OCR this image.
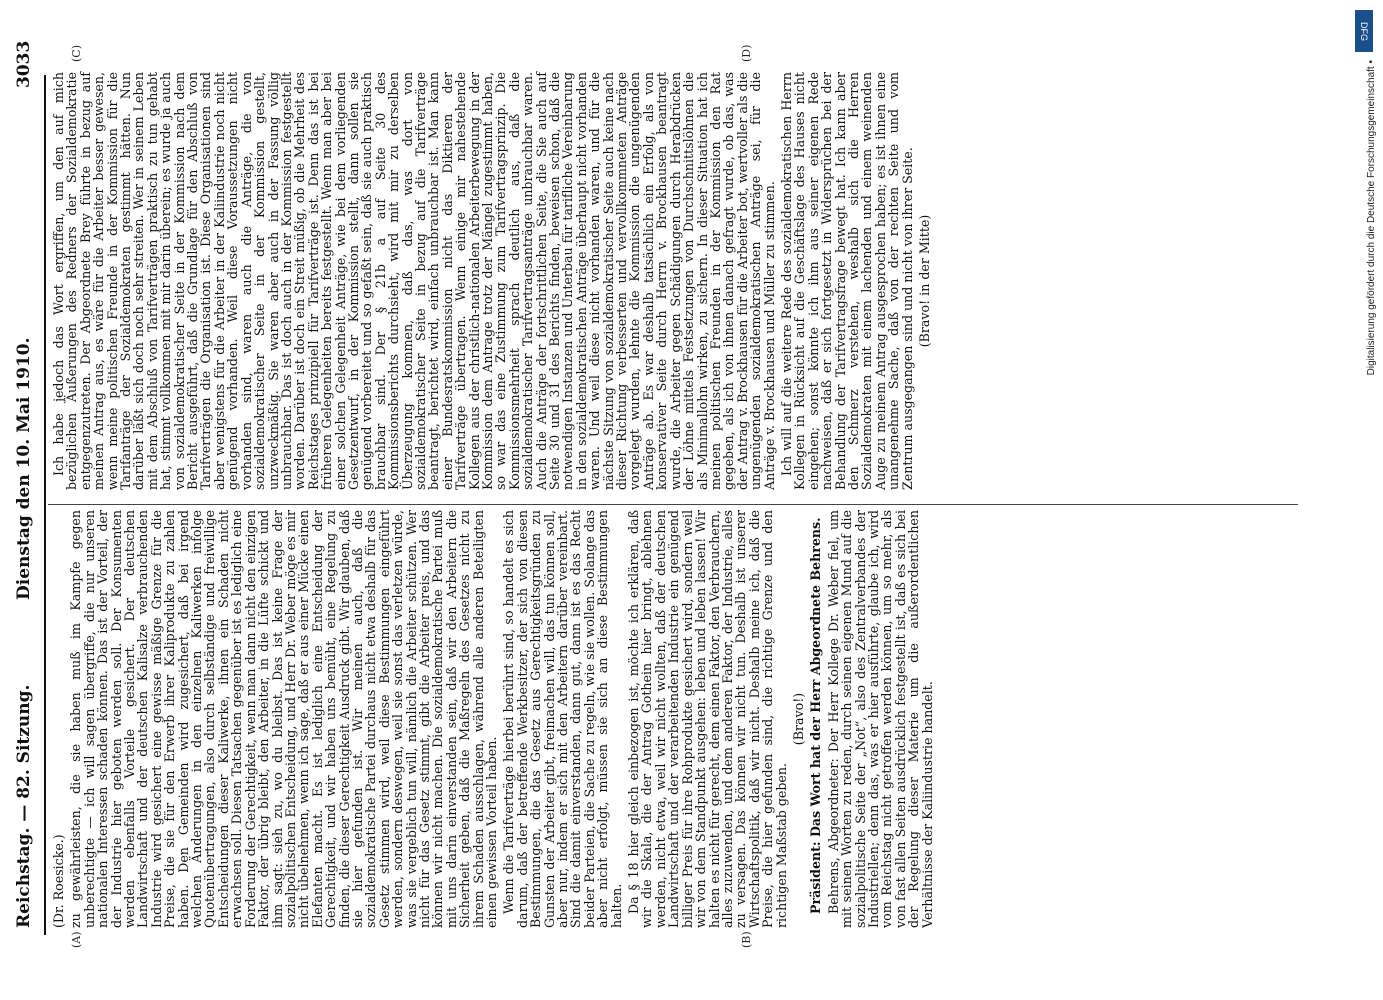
Reichstag. — 82. Sitzung.
Dienstag den 10. Mai 1910.
3033
(A)	(B)
(C)	(D)

(Dr. Roesicke.) zu gewährleisten, die sie haben muß im Kampfe gegen unberechtigte — ich will sagen übergriffe, die nur unseren nationalen Interessen schaden können. Das ist der Vorteil, der der Industrie hier geboten werden soll. Der Konsumenten werden ebenfalls Vorteile gesichert. Der deutschen Landwirtschaft und der deutschen Kalisalze verbrauchenden Industrie wird gesichert eine gewisse mäßige Grenze für die Preise, die sie für den Erwerb ihrer Kaliprodukte zu zahlen haben. Den Gemeinden wird zugesichert, daß bei irgend welchen Änderungen in den einzelnen Kaliwerken infolge Quotenübertragungen, also durch selbständige und freiwillige Entscheidungen dieser Kaliwerke, ihnen ein Schaden nicht erwachsen soll. Diesen Tatsachen gegenüber ist es lediglich eine Forderung der Gerechtigkeit, wenn man dann nicht den einzigen Faktor, der übrig bleibt, den Arbeiter, in die Lüfte schickt und ihm sagt: sieh zu, wo du bleibst. Das ist keine Frage der sozialpolitischen Entscheidung, und Herr Dr. Weber möge es mir nicht übelnehmen, wenn ich sage, daß er aus einer Mücke einen Elefanten macht. Es ist lediglich eine Entscheidung der Gerechtigkeit, und wir haben uns bemüht, eine Regelung zu finden, die dieser Gerechtigkeit Ausdruck gibt. Wir glauben, daß sie hier gefunden ist. Wir meinen auch, daß die sozialdemokratische Partei durchaus nicht etwa deshalb für das Gesetz stimmen wird, weil diese Bestimmungen eingeführt werden, sondern deswegen, weil sie sonst das verletzen würde, was sie vergeblich tun will, nämlich die Arbeiter schützen. Wer nicht für das Gesetz stimmt, gibt die Arbeiter preis, und das können wir nicht machen. Die sozialdemokratische Partei muß mit uns darin einverstanden sein, daß wir den Arbeitern die Sicherheit geben, daß die Maßregeln des Gesetzes nicht zu ihrem Schaden ausschlagen, während alle anderen Beteiligten einen gewissen Vorteil haben. Wenn die Tarifverträge hierbei berührt sind, so handelt es sich darum, daß der betreffende Werkbesitzer, der sich von diesen Bestimmungen, die das Gesetz aus Gerechtigkeitsgründen zu Gunsten der Arbeiter gibt, freimachen will, das tun können soll, aber nur, indem er sich mit den Arbeitern darüber vereinbart. Sind die damit einverstanden, dann gut, dann ist es das Recht beider Parteien, die Sache zu regeln, wie sie wollen. Solange das aber nicht erfolgt, müssen sie sich an diese Bestimmungen halten. Da § 18 hier gleich einbezogen ist, möchte ich erklären, daß wir die Skala, die der Antrag Gothein hier bringt, ablehnen werden, nicht etwa, weil wir nicht wollten, daß der deutschen Landwirtschaft und der verarbeitenden Industrie ein genügend billiger Preis für ihre Rohprodukte gesichert wird, sondern weil wir von dem Standpunkt ausgehen: leben und leben lassen! Wir halten es nicht für gerecht, dem einen Faktor, den Verbrauchern, alles zuzuwenden, und dem anderen Faktor, der Industrie, alles zu versagen. Das können wir nicht tun. Deshalb ist unserer Wirtschaftspolitik, daß wir nicht. Deshalb meine ich, daß die Preise, die hier gefunden sind, die richtige Grenze und den richtigen Maßstab geben.

(Bravo!) Präsident: Das Wort hat der Herr Abgeordnete Behrens. Behrens, Abgeordneter: Der Herr Kollege Dr. Weber fiel, um mit seinen Worten zu reden, durch seinen eigenen Mund auf die sozialpolitische Seite der „Not“, also des Zentralverbandes der Industriellen; denn das, was er hier ausführte, glaube ich, wird vom Reichstag nicht getroffen werden können, um so mehr, als von fast allen Seiten ausdrücklich festgestellt ist, daß es sich bei der Regelung dieser Materie um die außerordentlichen Verhältnisse der Kaliindustrie handelt.

Ich habe jedoch das Wort ergriffen, um den auf mich bezüglichen Äußerungen des Redners der Sozialdemokratie entgegenzutreten. Der Abgeordnete Brey führte in bezug auf meinen Antrag aus, es wäre für die Arbeiter besser gewesen, wenn meine politischen Freunde in der Kommission für die Tarifanträge der Sozialdemokraten gestimmt hätten. Nun darüber läßt sich doch noch sehr streiten. Wer in seinem Leben mit dem Abschluß von Tarifverträgen praktisch zu tun gehabt hat, stimmt vollkommen mit mir darin überein; es wurde ja auch von sozialdemokratischer Seite in der Kommission nach dem Bericht ausgeführt, daß die Grundlage für den Abschluß von Tarifverträgen die Organisation ist. Diese Organisationen sind aber wenigstens für die Arbeiter in der Kaliindustrie noch nicht genügend vorhanden. Weil diese Voraussetzungen nicht vorhanden sind, waren auch die Anträge, die von sozialdemokratischer Seite in der Kommission gestellt, unzweckmäßig. Sie waren aber auch in der Fassung völlig unbrauchbar. Das ist doch auch in der Kommission festgestellt worden. Darüber ist doch ein Streit müßig, ob die Mehrheit des Reichstages prinzipiell für Tarifverträge ist. Denn das ist bei früheren Gelegenheiten bereits festgestellt. Wenn man aber bei einer solchen Gelegenheit Anträge, wie bei dem vorliegenden Gesetzentwurf, in der Kommission stellt, dann sollen sie genügend vorbereitet und so gefaßt sein, daß sie auch praktisch brauchbar sind. Der § 21b a auf Seite 30 des Kommissionsberichts durchsieht, wird mit mir zu derselben Überzeugung kommen, daß das, was dort von sozialdemokratischer Seite in bezug auf die Tarifverträge beantragt, berichtet wird, einfach unbrauchbar ist. Man kann einer Bundesratskommission nicht das Diktieren der Tarifverträge übertragen. Wenn einige mir nahestehende Kollegen aus der christlich-nationalen Arbeiterbewegung in der Kommission dem Antrage trotz der Mängel zugestimmt haben, so war das eine Zustimmung zum Tarifvertragsprinzip. Die Kommissionsmehrheit sprach deutlich aus, daß die sozialdemokratischer Tarifvertragsanträge unbrauchbar waren. Auch die Anträge der fortschrittlichen Seite, die Sie auch auf Seite 30 und 31 des Berichts finden, beweisen schon, daß die notwendigen Instanzen und Unterbau für tarifliche Vereinbarung in den sozialdemokratischen Anträge überhaupt nicht vorhanden waren. Und weil diese nicht vorhanden waren, und für die nächste Sitzung von sozialdemokratischer Seite auch keine nach dieser Richtung verbesserten und vervollkommneten Anträge vorgelegt wurden, lehnte die Kommission die ungenügenden Anträge ab. Es war deshalb tatsächlich ein Erfolg, als von konservativer Seite durch Herrn v. Brockhausen beantragt wurde, die Arbeiter gegen Schädigungen durch Herabdrücken der Löhne mittels Festsetzungen von Durchschnittslöhnen die als Minimallohn wirken, zu sichern. In dieser Situation hat ich meinen politischen Freunden in der Kommission den Rat gegeben, als ich von ihnen danach gefragt wurde, ob das, was der Antrag v. Brockhausen für die Arbeiter bot, wertvoller als die ungenügenden sozialdemokratischen Anträge sei, für die Anträge v. Brockhausen und Müller zu stimmen. Ich will auf die weitere Rede des sozialdemokratischen Herrn Kollegen in Rücksicht auf die Geschäftslage des Hauses nicht eingehen; sonst könnte ich ihm aus seiner eigenen Rede nachweisen, daß er sich fortgesetzt in Widersprüchen bei der Behandlung der Tarifvertragsfrage bewegt hat. Ich kann aber den Schmerz verstehen, weshalb sich die Herren Sozialdemokraten mit einem lachenden und einem weinenden Auge zu meinem Antrag ausgesprochen haben; es ist ihnen eine unangenehme Sache, daß von der rechten Seite und vom Zentrum ausgegangen sind und nicht von ihrer Seite. (Bravo! in der Mitte)

DFG
Digitalisierung gefördert durch die Deutsche Forschungsgemeinschaft •
